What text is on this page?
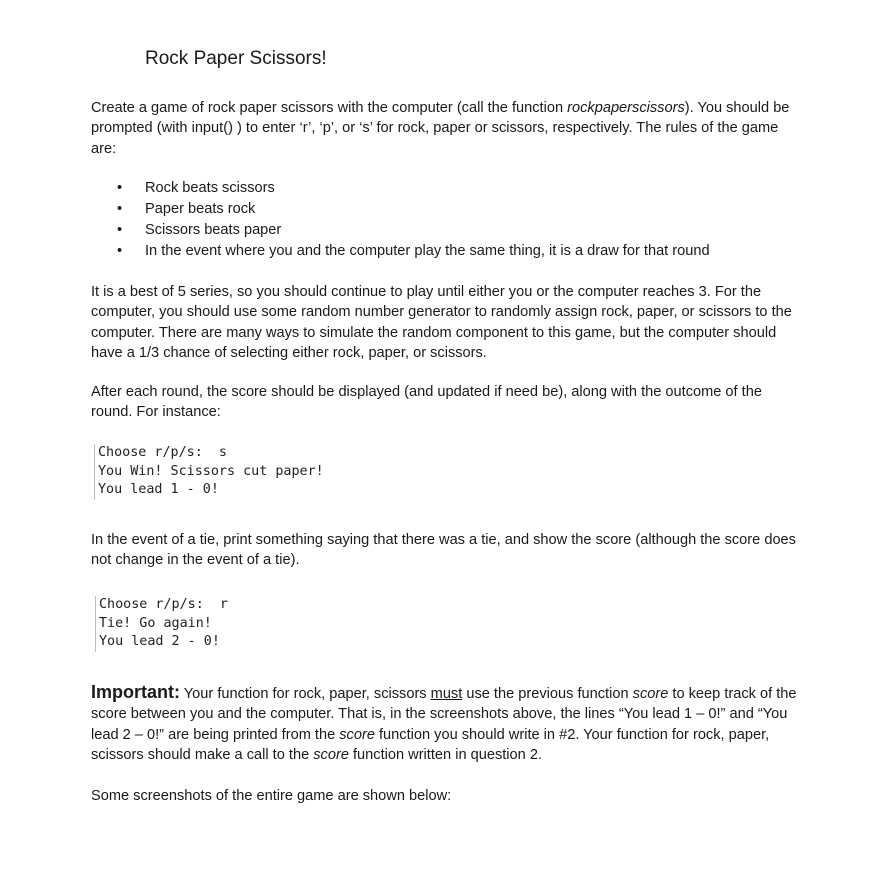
Rock Paper Scissors!

Create a game of rock paper scissors with the computer (call the function rockpaperscissors). You should be prompted (with input() ) to enter ‘r’, ‘p’, or ‘s’ for rock, paper or scissors, respectively. The rules of the game are:

• Rock beats scissors
• Paper beats rock
• Scissors beats paper
• In the event where you and the computer play the same thing, it is a draw for that round

It is a best of 5 series, so you should continue to play until either you or the computer reaches 3. For the computer, you should use some random number generator to randomly assign rock, paper, or scissors to the computer. There are many ways to simulate the random component to this game, but the computer should have a 1/3 chance of selecting either rock, paper, or scissors.

After each round, the score should be displayed (and updated if need be), along with the outcome of the round. For instance:

Choose r/p/s:  s
You Win! Scissors cut paper!
You lead 1 - 0!

In the event of a tie, print something saying that there was a tie, and show the score (although the score does not change in the event of a tie).

Choose r/p/s:  r
Tie! Go again!
You lead 2 - 0!

Important: Your function for rock, paper, scissors must use the previous function score to keep track of the score between you and the computer. That is, in the screenshots above, the lines “You lead 1 – 0!” and “You lead 2 – 0!” are being printed from the score function you should write in #2. Your function for rock, paper, scissors should make a call to the score function written in question 2.

Some screenshots of the entire game are shown below:
